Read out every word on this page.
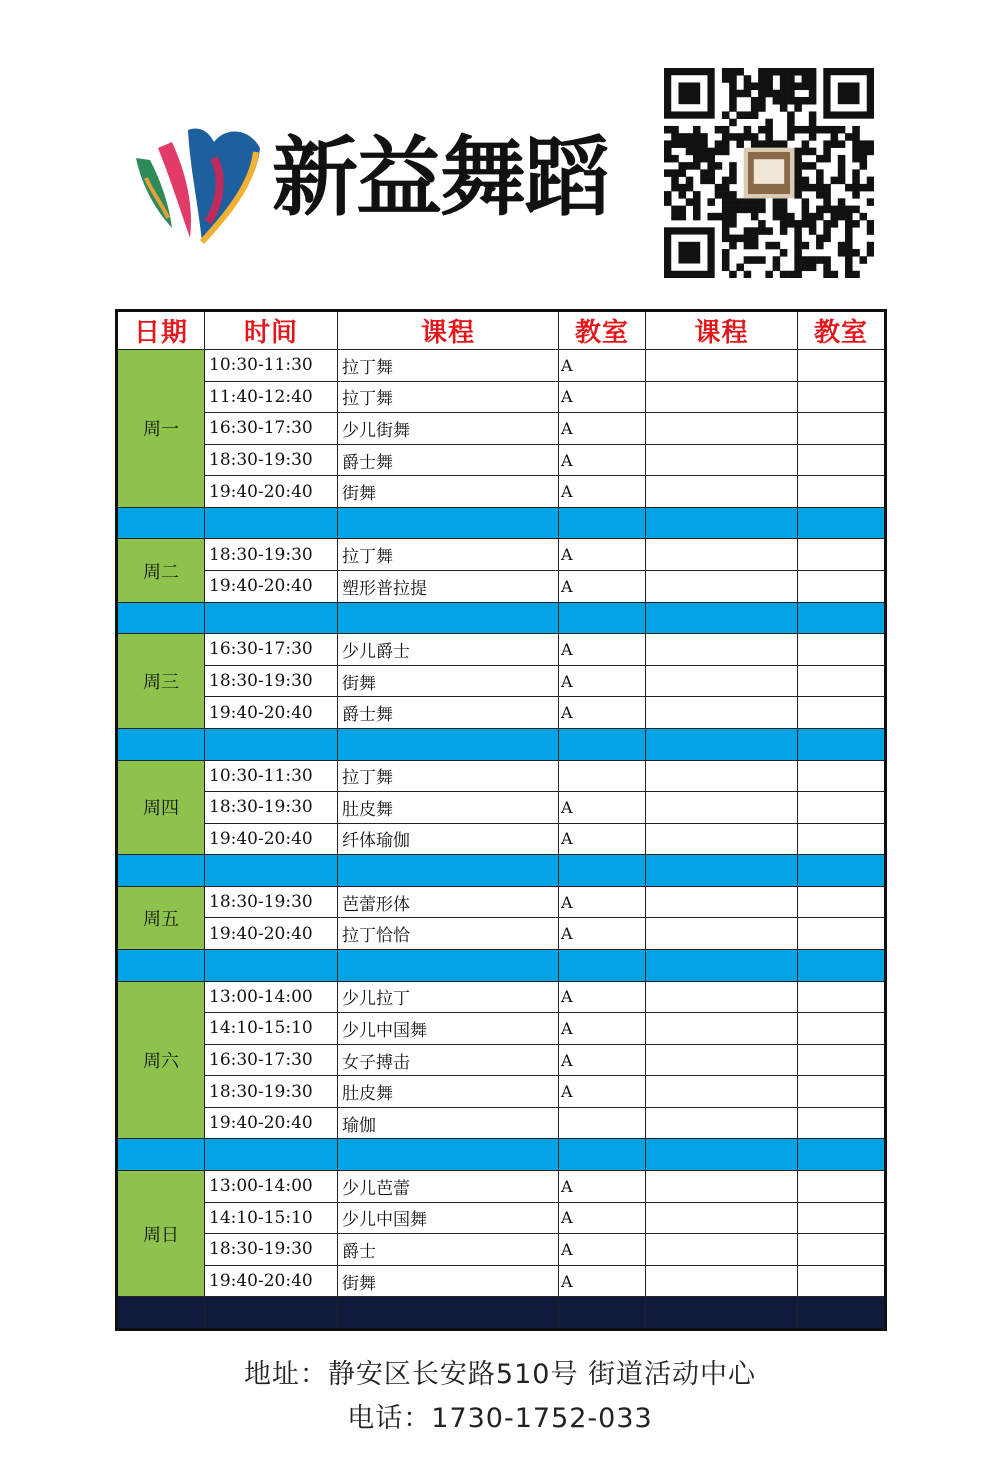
新益舞蹈
日期	时间	课程	教室	课程	教室
周一	10:30-11:30	拉丁舞	A		
	11:40-12:40	拉丁舞	A		
	16:30-17:30	少儿街舞	A		
	18:30-19:30	爵士舞	A		
	19:40-20:40	街舞	A		

周二	18:30-19:30	拉丁舞	A		
	19:40-20:40	塑形普拉提	A		

周三	16:30-17:30	少儿爵士	A		
	18:30-19:30	街舞	A		
	19:40-20:40	爵士舞	A		

周四	10:30-11:30	拉丁舞			
	18:30-19:30	肚皮舞	A		
	19:40-20:40	纤体瑜伽	A		

周五	18:30-19:30	芭蕾形体	A		
	19:40-20:40	拉丁恰恰	A		

周六	13:00-14:00	少儿拉丁	A		
	14:10-15:10	少儿中国舞	A		
	16:30-17:30	女子搏击	A		
	18:30-19:30	肚皮舞	A		
	19:40-20:40	瑜伽			

周日	13:00-14:00	少儿芭蕾	A		
	14:10-15:10	少儿中国舞	A		
	18:30-19:30	爵士	A		
	19:40-20:40	街舞	A		

地址：静安区长安路510号 街道活动中心
电话：1730-1752-033
